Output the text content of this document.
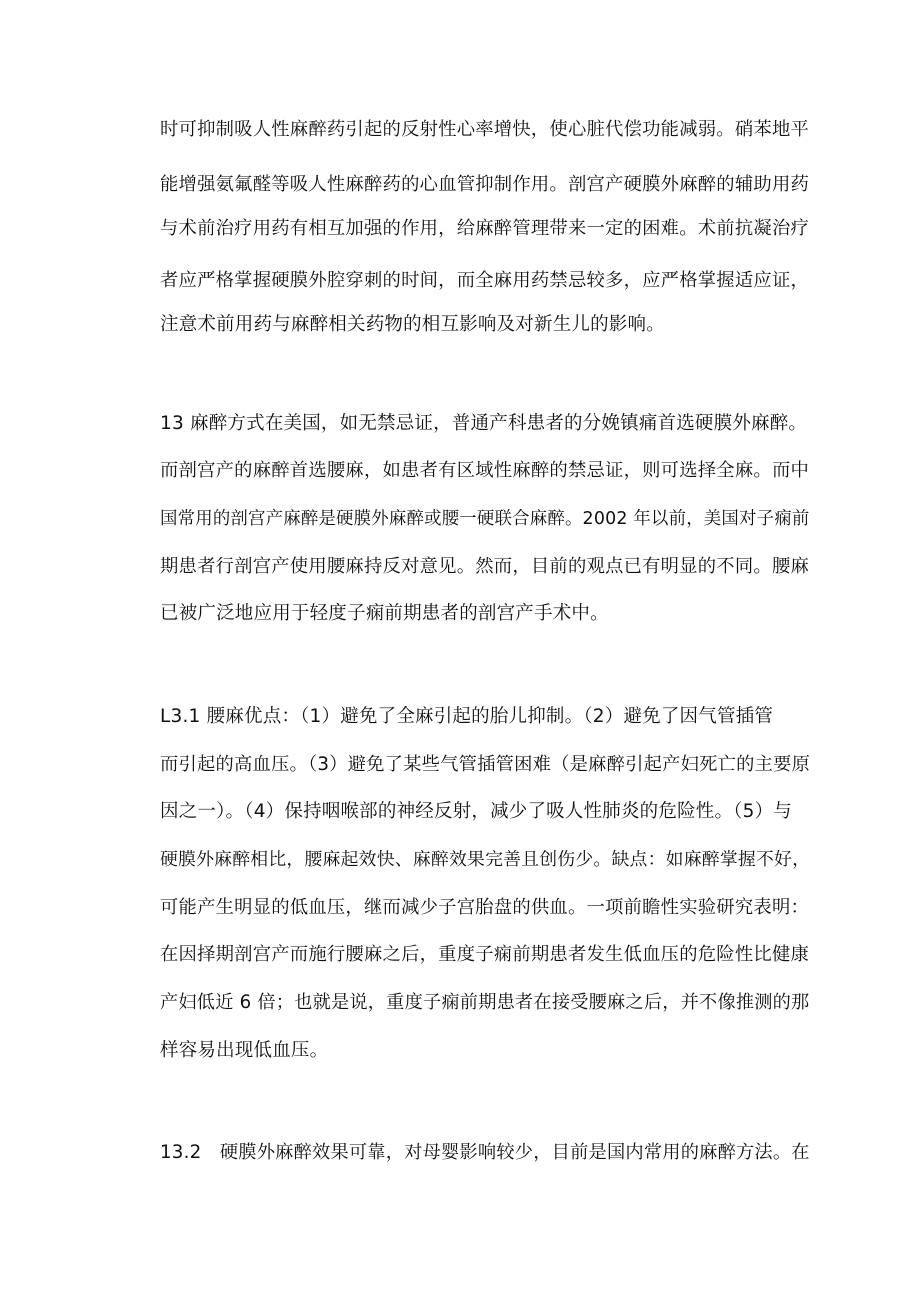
时可抑制吸人性麻醉药引起的反射性心率增快，使心脏代偿功能减弱。硝苯地平
能增强氨氟醛等吸人性麻醉药的心血管抑制作用。剖宫产硬膜外麻醉的辅助用药
与术前治疗用药有相互加强的作用，给麻醉管理带来一定的困难。术前抗凝治疗
者应严格掌握硬膜外腔穿刺的时间，而全麻用药禁忌较多，应严格掌握适应证，
注意术前用药与麻醉相关药物的相互影响及对新生儿的影响。
13 麻醉方式在美国，如无禁忌证，普通产科患者的分娩镇痛首选硬膜外麻醉。
而剖宫产的麻醉首选腰麻，如患者有区域性麻醉的禁忌证，则可选择全麻。而中
国常用的剖宫产麻醉是硬膜外麻醉或腰一硬联合麻醉。2002 年以前，美国对子痫前
期患者行剖宫产使用腰麻持反对意见。然而，目前的观点已有明显的不同。腰麻
已被广泛地应用于轻度子痫前期患者的剖宫产手术中。
L3.1 腰麻优点：（1）避免了全麻引起的胎儿抑制。（2）避免了因气管插管
而引起的高血压。（3）避免了某些气管插管困难（是麻醉引起产妇死亡的主要原
因之一）。（4）保持咽喉部的神经反射，减少了吸人性肺炎的危险性。（5）与
硬膜外麻醉相比，腰麻起效快、麻醉效果完善且创伤少。缺点：如麻醉掌握不好，
可能产生明显的低血压，继而减少子宫胎盘的供血。一项前瞻性实验研究表明：
在因择期剖宫产而施行腰麻之后，重度子痫前期患者发生低血压的危险性比健康
产妇低近 6 倍；也就是说，重度子痫前期患者在接受腰麻之后，并不像推测的那
样容易出现低血压。
13.2　硬膜外麻醉效果可靠，对母婴影响较少，目前是国内常用的麻醉方法。在
